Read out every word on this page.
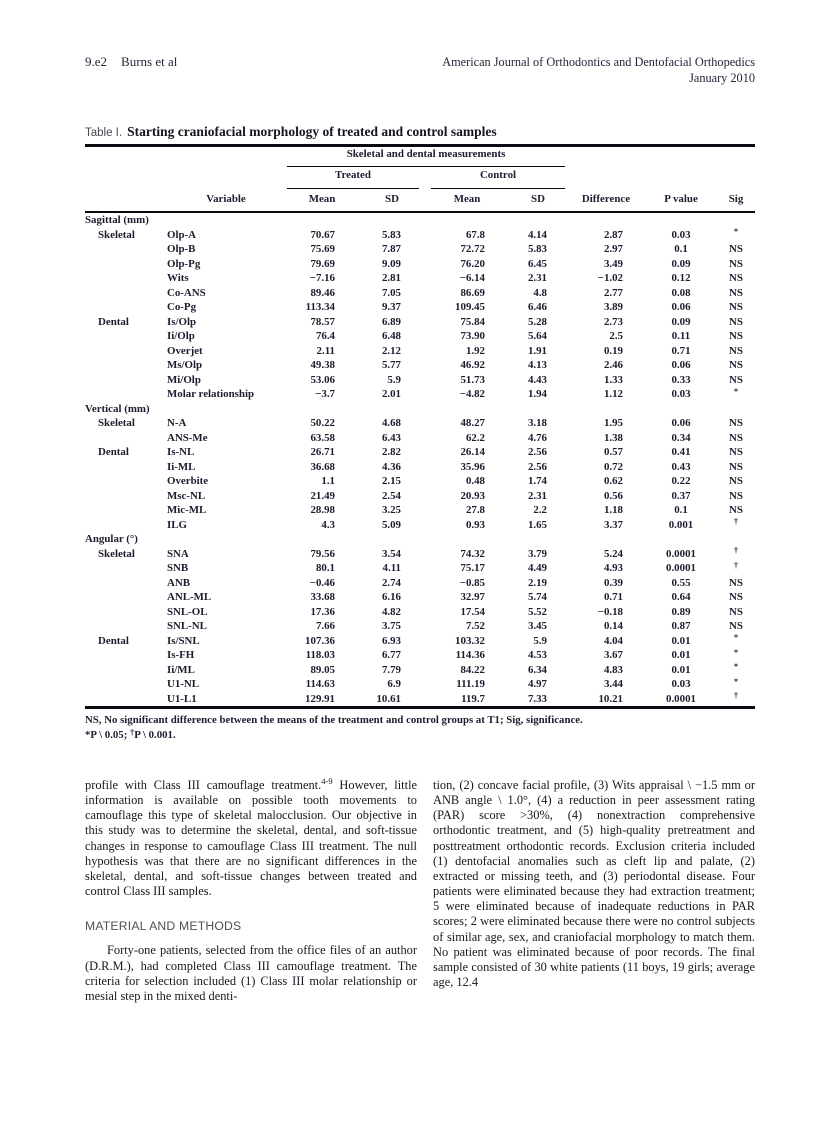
9.e2 Burns et al	American Journal of Orthodontics and Dentofacial Orthopedics
January 2010
Table I. Starting craniofacial morphology of treated and control samples
Skeletal and dental measurements
Treated	Control
Variable	Mean	SD	Mean	SD	Difference	P value	Sig
Sagittal (mm)
Skeletal	Olp-A	70.67	5.83	67.8	4.14	2.87	0.03	*
Olp-B	75.69	7.87	72.72	5.83	2.97	0.1	NS
Olp-Pg	79.69	9.09	76.20	6.45	3.49	0.09	NS
Wits	−7.16	2.81	−6.14	2.31	−1.02	0.12	NS
Co-ANS	89.46	7.05	86.69	4.8	2.77	0.08	NS
Co-Pg	113.34	9.37	109.45	6.46	3.89	0.06	NS
Dental	Is/Olp	78.57	6.89	75.84	5.28	2.73	0.09	NS
Ii/Olp	76.4	6.48	73.90	5.64	2.5	0.11	NS
Overjet	2.11	2.12	1.92	1.91	0.19	0.71	NS
Ms/Olp	49.38	5.77	46.92	4.13	2.46	0.06	NS
Mi/Olp	53.06	5.9	51.73	4.43	1.33	0.33	NS
Molar relationship	−3.7	2.01	−4.82	1.94	1.12	0.03	*
Vertical (mm)
Skeletal	N-A	50.22	4.68	48.27	3.18	1.95	0.06	NS
ANS-Me	63.58	6.43	62.2	4.76	1.38	0.34	NS
Dental	Is-NL	26.71	2.82	26.14	2.56	0.57	0.41	NS
Ii-ML	36.68	4.36	35.96	2.56	0.72	0.43	NS
Overbite	1.1	2.15	0.48	1.74	0.62	0.22	NS
Msc-NL	21.49	2.54	20.93	2.31	0.56	0.37	NS
Mic-ML	28.98	3.25	27.8	2.2	1.18	0.1	NS
ILG	4.3	5.09	0.93	1.65	3.37	0.001	†
Angular (°)
Skeletal	SNA	79.56	3.54	74.32	3.79	5.24	0.0001	†
SNB	80.1	4.11	75.17	4.49	4.93	0.0001	†
ANB	−0.46	2.74	−0.85	2.19	0.39	0.55	NS
ANL-ML	33.68	6.16	32.97	5.74	0.71	0.64	NS
SNL-OL	17.36	4.82	17.54	5.52	−0.18	0.89	NS
SNL-NL	7.66	3.75	7.52	3.45	0.14	0.87	NS
Dental	Is/SNL	107.36	6.93	103.32	5.9	4.04	0.01	*
Is-FH	118.03	6.77	114.36	4.53	3.67	0.01	*
Ii/ML	89.05	7.79	84.22	6.34	4.83	0.01	*
U1-NL	114.63	6.9	111.19	4.97	3.44	0.03	*
U1-L1	129.91	10.61	119.7	7.33	10.21	0.0001	†
NS, No significant difference between the means of the treatment and control groups at T1; Sig, significance.
*P \ 0.05; †P \ 0.001.

profile with Class III camouflage treatment.$^{4-9}$ However, little information is available on possible tooth movements to camouflage this type of skeletal malocclusion. Our objective in this study was to determine the skeletal, dental, and soft-tissue changes in response to camouflage Class III treatment. The null hypothesis was that there are no significant differences in the skeletal, dental, and soft-tissue changes between treated and control Class III samples.

MATERIAL AND METHODS

Forty-one patients, selected from the office files of an author (D.R.M.), had completed Class III camouflage treatment. The criteria for selection included (1) Class III molar relationship or mesial step in the mixed denti-

tion, (2) concave facial profile, (3) Wits appraisal \ −1.5 mm or ANB angle \ 1.0°, (4) a reduction in peer assessment rating (PAR) score >30%, (4) nonextraction comprehensive orthodontic treatment, and (5) high-quality pretreatment and posttreatment orthodontic records. Exclusion criteria included (1) dentofacial anomalies such as cleft lip and palate, (2) extracted or missing teeth, and (3) periodontal disease. Four patients were eliminated because they had extraction treatment; 5 were eliminated because of inadequate reductions in PAR scores; 2 were eliminated because there were no control subjects of similar age, sex, and craniofacial morphology to match them. No patient was eliminated because of poor records. The final sample consisted of 30 white patients (11 boys, 19 girls; average age, 12.4
